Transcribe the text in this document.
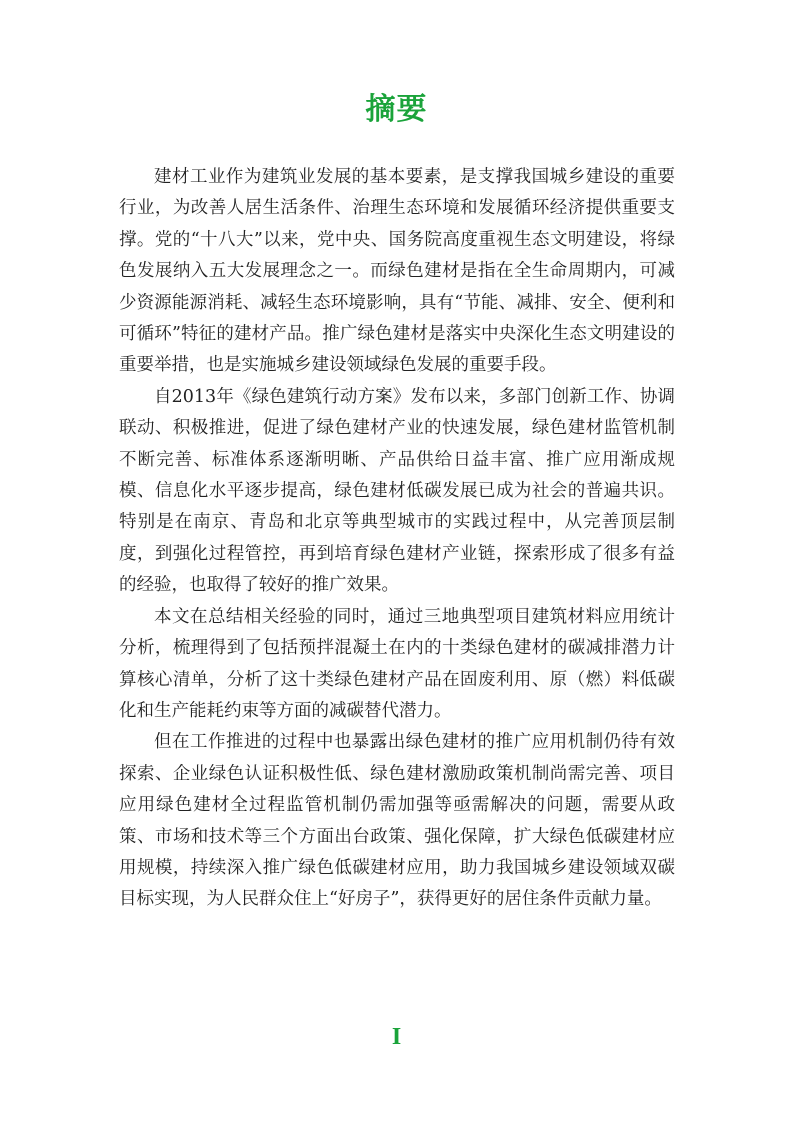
摘要

建材工业作为建筑业发展的基本要素，是支撑我国城乡建设的重要行业，为改善人居生活条件、治理生态环境和发展循环经济提供重要支撑。党的“十八大”以来，党中央、国务院高度重视生态文明建设，将绿色发展纳入五大发展理念之一。而绿色建材是指在全生命周期内，可减少资源能源消耗、减轻生态环境影响，具有“节能、减排、安全、便利和可循环”特征的建材产品。推广绿色建材是落实中央深化生态文明建设的重要举措，也是实施城乡建设领域绿色发展的重要手段。

自2013年《绿色建筑行动方案》发布以来，多部门创新工作、协调联动、积极推进，促进了绿色建材产业的快速发展，绿色建材监管机制不断完善、标准体系逐渐明晰、产品供给日益丰富、推广应用渐成规模、信息化水平逐步提高，绿色建材低碳发展已成为社会的普遍共识。特别是在南京、青岛和北京等典型城市的实践过程中，从完善顶层制度，到强化过程管控，再到培育绿色建材产业链，探索形成了很多有益的经验，也取得了较好的推广效果。

本文在总结相关经验的同时，通过三地典型项目建筑材料应用统计分析，梳理得到了包括预拌混凝土在内的十类绿色建材的碳减排潜力计算核心清单，分析了这十类绿色建材产品在固废利用、原（燃）料低碳化和生产能耗约束等方面的减碳替代潜力。

但在工作推进的过程中也暴露出绿色建材的推广应用机制仍待有效探索、企业绿色认证积极性低、绿色建材激励政策机制尚需完善、项目应用绿色建材全过程监管机制仍需加强等亟需解决的问题，需要从政策、市场和技术等三个方面出台政策、强化保障，扩大绿色低碳建材应用规模，持续深入推广绿色低碳建材应用，助力我国城乡建设领域双碳目标实现，为人民群众住上“好房子”，获得更好的居住条件贡献力量。

I
